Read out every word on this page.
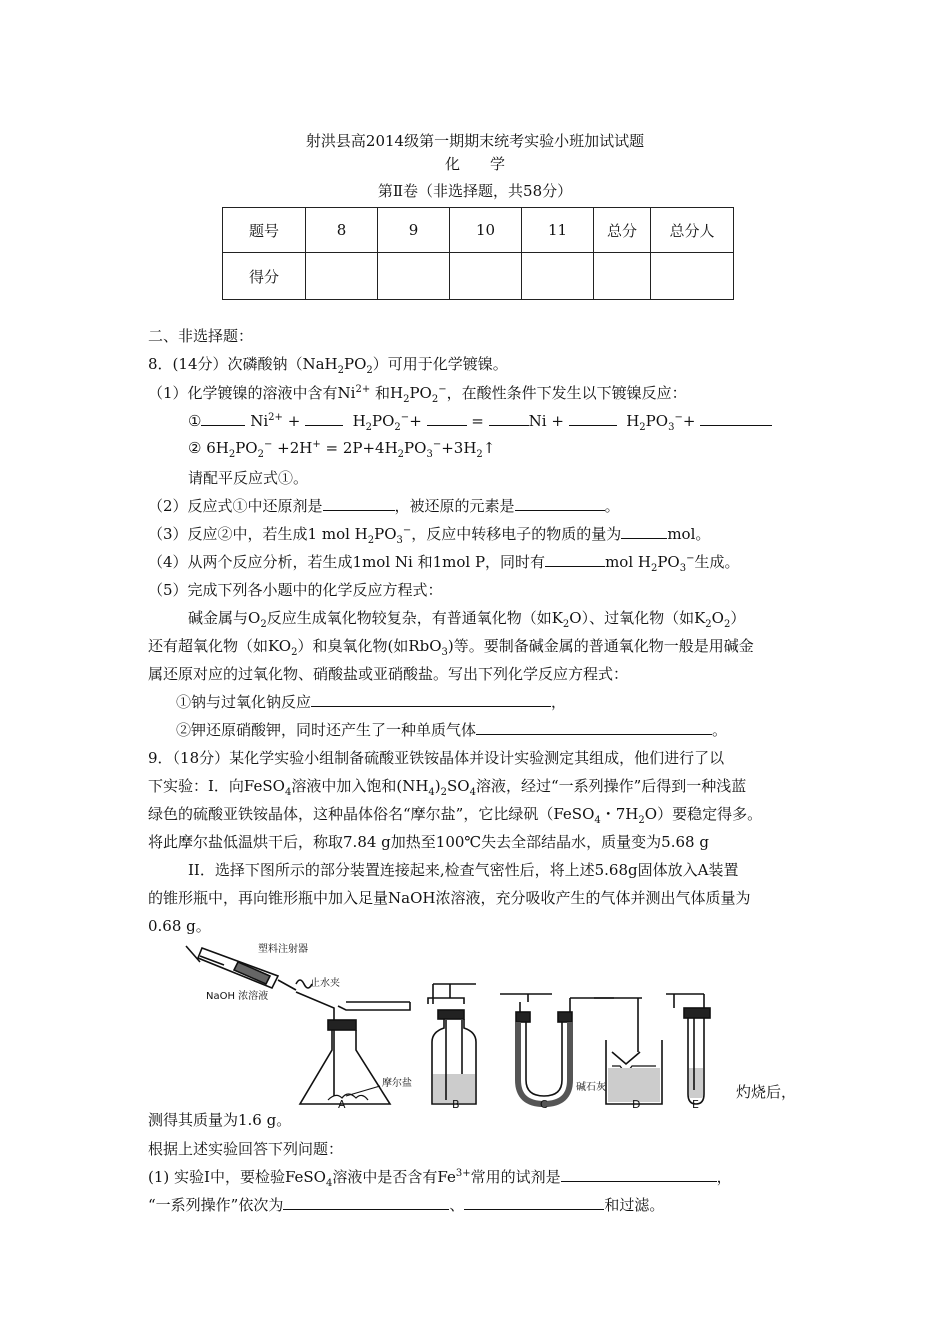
射洪县高2014级第一期期末统考实验小班加试试题
化学
第Ⅱ卷（非选择题，共58分）
题号	8	9	10	11	总分	总分人
得分						
二、非选择题：
8．(14分）次磷酸钠$(NaH_2PO_2)$可用于化学镀镍。
（1）化学镀镍的溶液中含有$Ni^{2+}$ 和$H_2PO_2^-$，在酸性条件下发生以下镀镍反应：
①	$Ni^{2+}$ +	$H_2PO_2^-+$	=	Ni +	$H_2PO_3^-+$
② $6H_2PO_2^- +2H^+$ = $2P+4H_2PO_3^-+3H_2↑$
请配平反应式①。
（2）反应式①中还原剂是	，被还原的元素是	。
（3）反应②中，若生成1 mol $H_2PO_3^-$，反应中转移电子的物质的量为	mol。
（4）从两个反应分析，若生成1mol Ni 和1mol P，同时有	mol $H_2PO_3^-$生成。
（5）完成下列各小题中的化学反应方程式：
碱金属与$O_2$反应生成氧化物较复杂，有普通氧化物（如$K_2O$）、过氧化物（如$K_2O_2$）
还有超氧化物（如$KO_2$）和臭氧化物(如RbO$_3$)等。要制备碱金属的普通氧化物一般是用碱金
属还原对应的过氧化物、硝酸盐或亚硝酸盐。写出下列化学反应方程式：
①钠与过氧化钠反应	，
②钾还原硝酸钾，同时还产生了一种单质气体	。
9．（18分）某化学实验小组制备硫酸亚铁铵晶体并设计实验测定其组成，他们进行了以
下实验：I．向FeSO$_4$溶液中加入饱和$(NH_4)_2SO_4$溶液，经过“一系列操作”后得到一种浅蓝
绿色的硫酸亚铁铵晶体，这种晶体俗名“摩尔盐”，它比绿矾（FeSO$_4$・$7H_2O$）要稳定得多。
将此摩尔盐低温烘干后，称取7.84 g加热至100℃失去全部结晶水，质量变为5.68 g
II．选择下图所示的部分装置连接起来,检查气密性后，将上述5.68g固体放入A装置
的锥形瓶中，再向锥形瓶中加入足量NaOH浓溶液，充分吸收产生的气体并测出气体质量为
0.68 g。
塑料注射器
止水夹
NaOH 浓溶液
摩尔盐	碱石灰
A	B	C	D	E
灼烧后，
测得其质量为1.6 g。
根据上述实验回答下列问题：
(1) 实验I中，要检验FeSO$_4$溶液中是否含有$Fe^{3+}$常用的试剂是	，
“一系列操作”依次为	、	和过滤。
